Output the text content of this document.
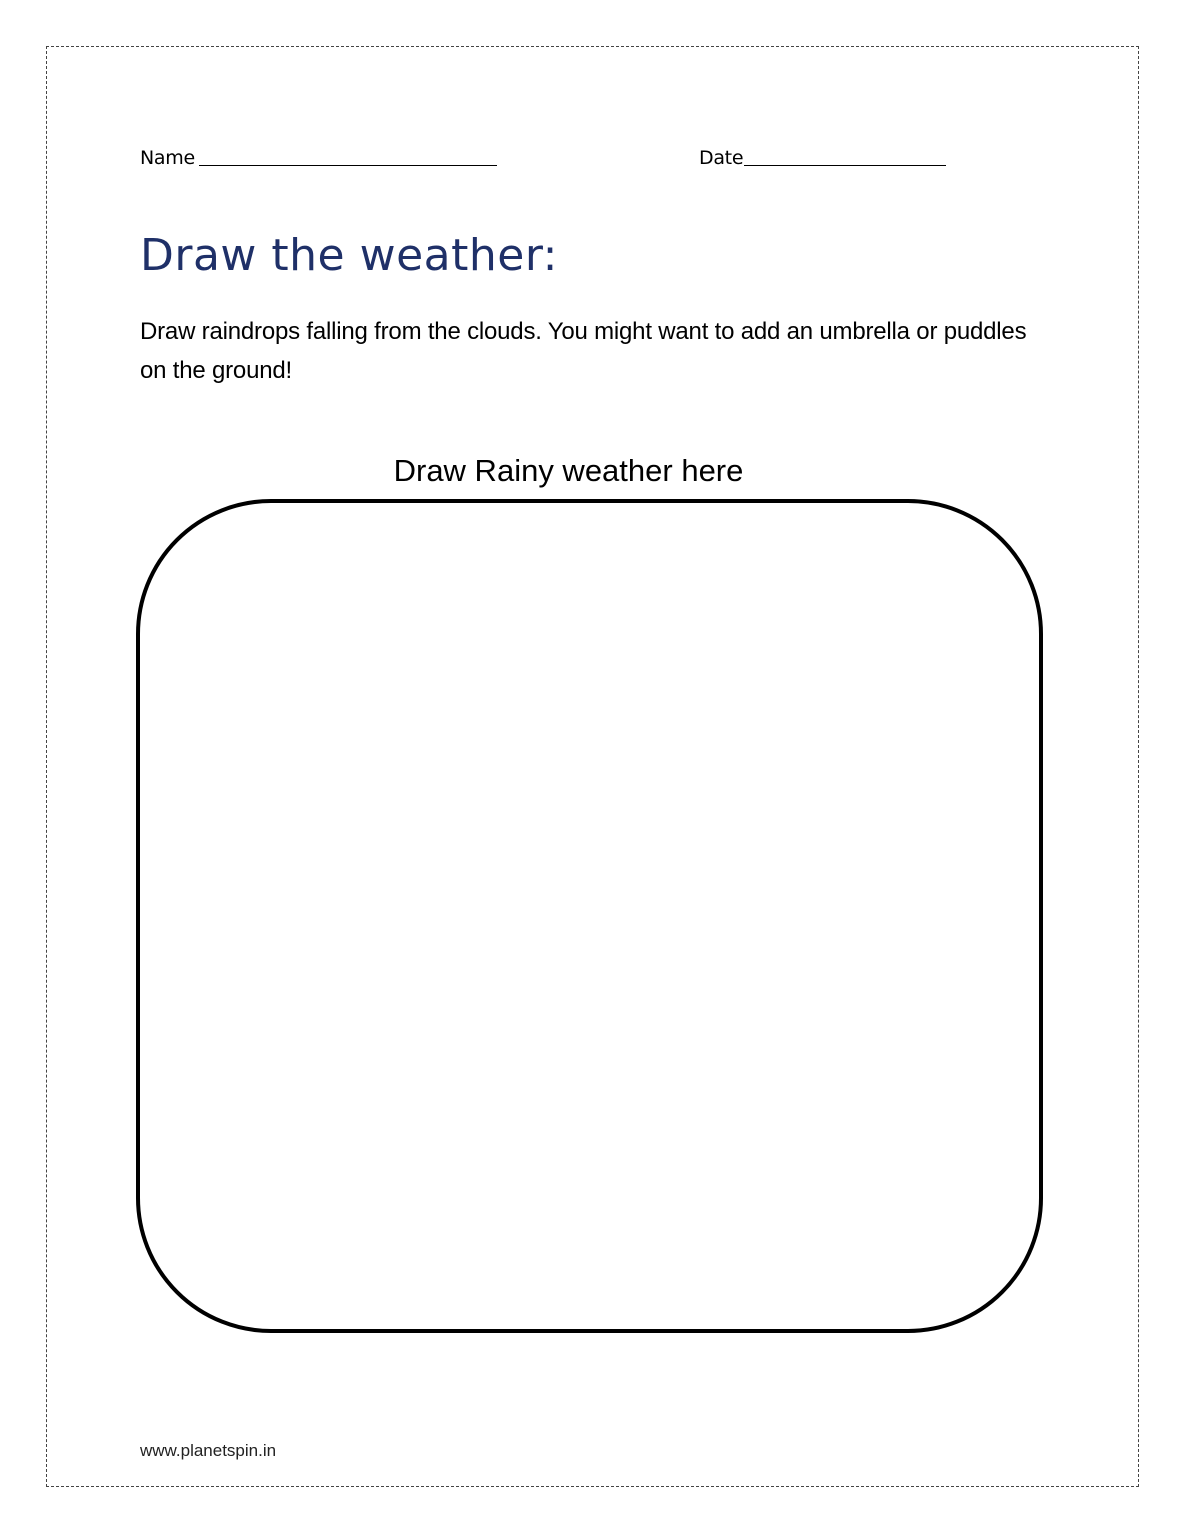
Name	Date
Draw the weather:

Draw raindrops falling from the clouds. You might want to add an umbrella or puddles on the ground!

Draw Rainy weather here

www.planetspin.in
